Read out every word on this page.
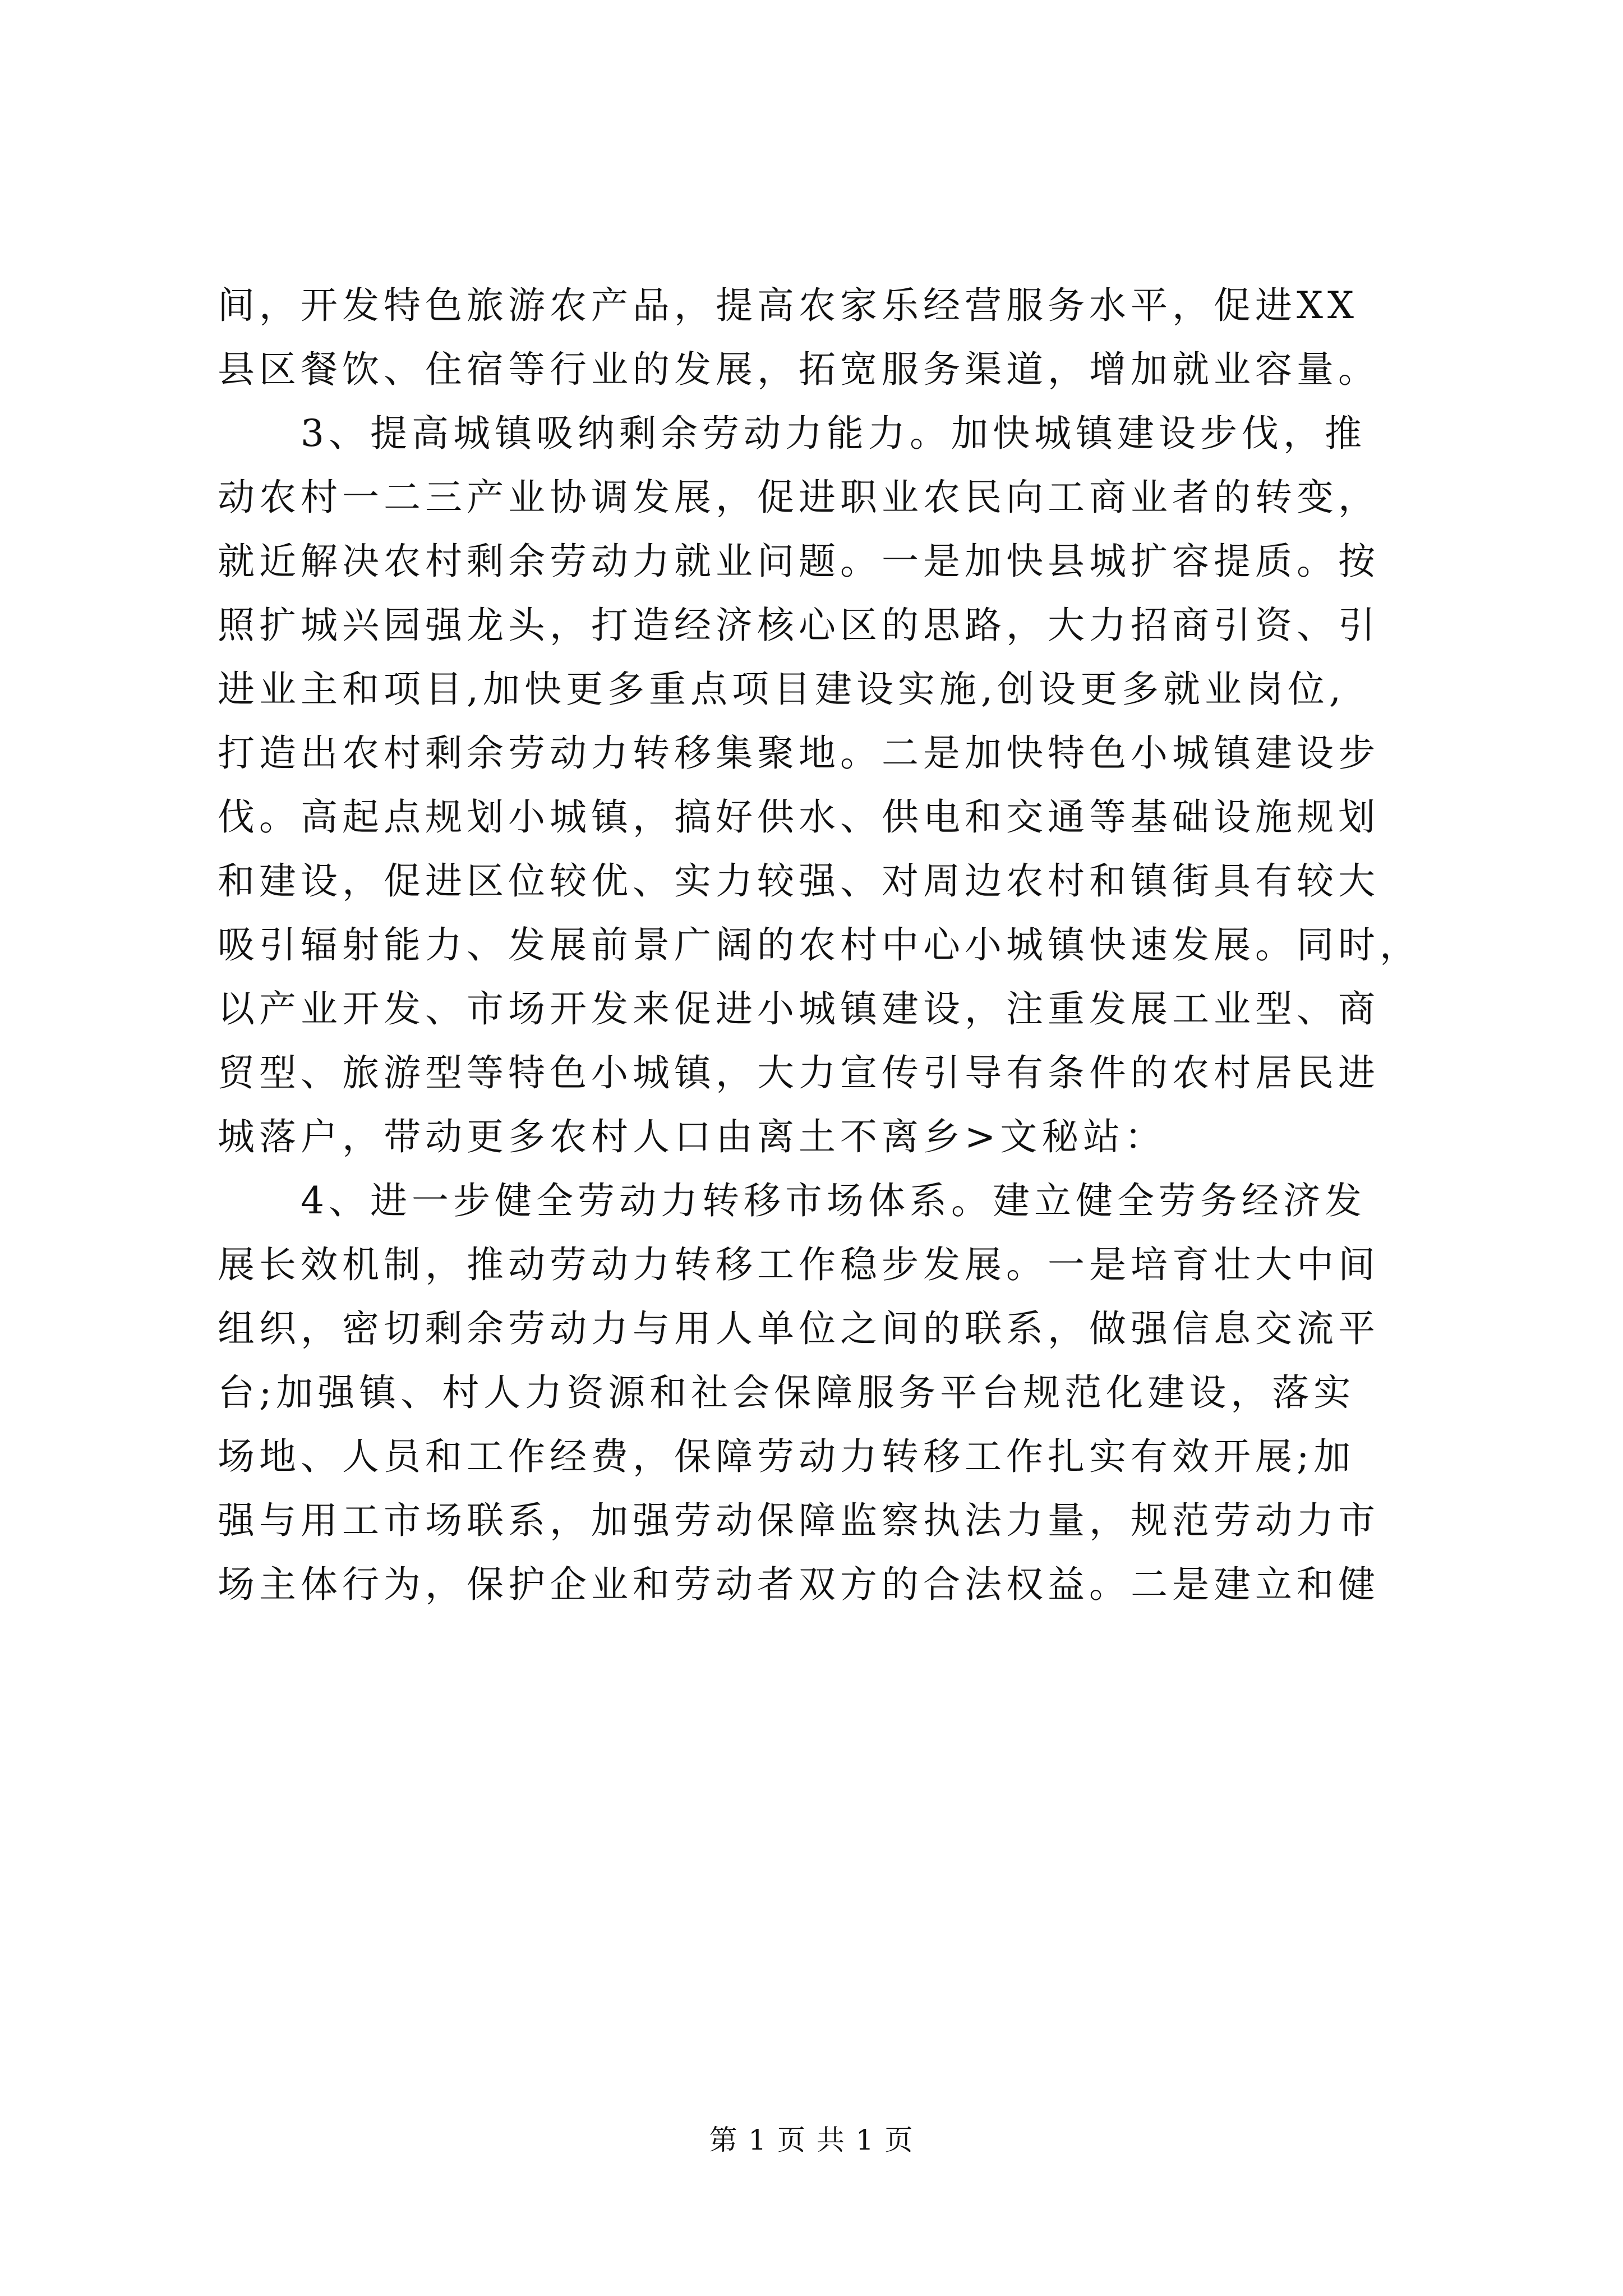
间，开发特色旅游农产品，提高农家乐经营服务水平，促进XX
县区餐饮、住宿等行业的发展，拓宽服务渠道，增加就业容量。
　　3、提高城镇吸纳剩余劳动力能力。加快城镇建设步伐，推
动农村一二三产业协调发展，促进职业农民向工商业者的转变，
就近解决农村剩余劳动力就业问题。一是加快县城扩容提质。按
照扩城兴园强龙头，打造经济核心区的思路，大力招商引资、引
进业主和项目,加快更多重点项目建设实施,创设更多就业岗位,
打造出农村剩余劳动力转移集聚地。二是加快特色小城镇建设步
伐。高起点规划小城镇，搞好供水、供电和交通等基础设施规划
和建设，促进区位较优、实力较强、对周边农村和镇街具有较大
吸引辐射能力、发展前景广阔的农村中心小城镇快速发展。同时，
以产业开发、市场开发来促进小城镇建设，注重发展工业型、商
贸型、旅游型等特色小城镇，大力宣传引导有条件的农村居民进
城落户，带动更多农村人口由离土不离乡>文秘站：
　　4、进一步健全劳动力转移市场体系。建立健全劳务经济发
展长效机制，推动劳动力转移工作稳步发展。一是培育壮大中间
组织，密切剩余劳动力与用人单位之间的联系，做强信息交流平
台;加强镇、村人力资源和社会保障服务平台规范化建设，落实
场地、人员和工作经费，保障劳动力转移工作扎实有效开展;加
强与用工市场联系，加强劳动保障监察执法力量，规范劳动力市
场主体行为，保护企业和劳动者双方的合法权益。二是建立和健
第 1 页 共 1 页
